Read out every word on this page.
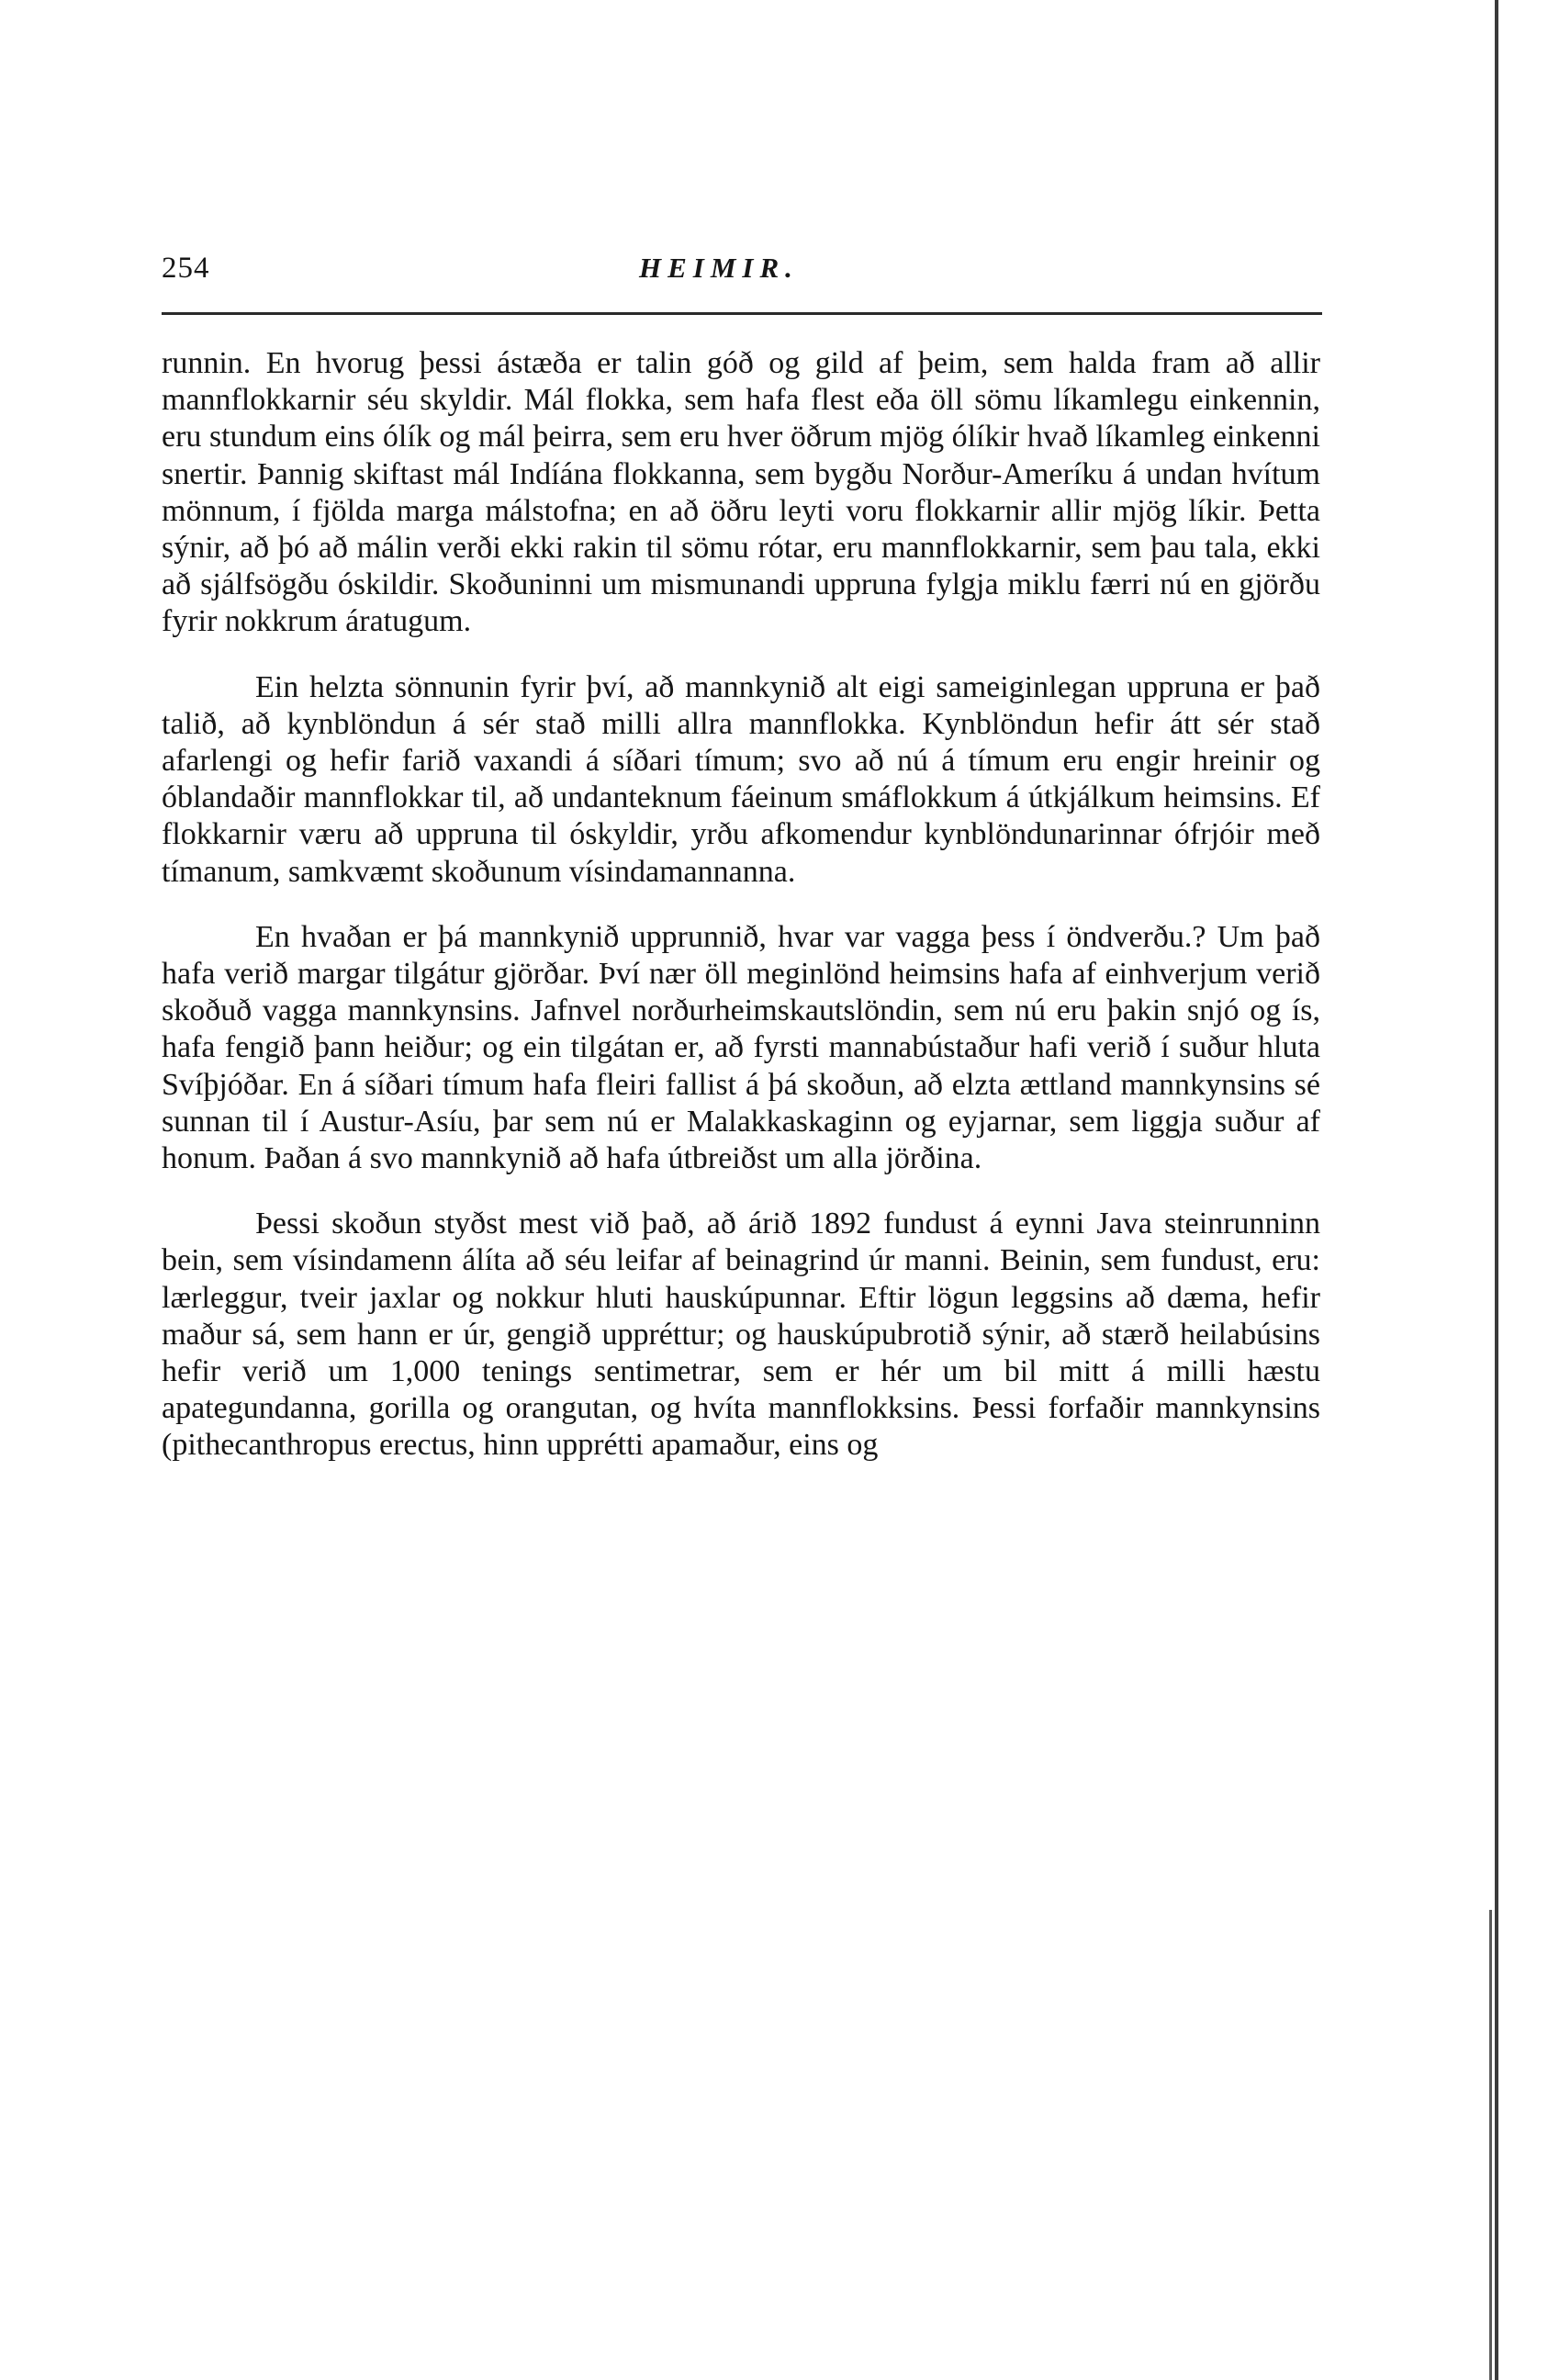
254	HEIMIR.

runnin. En hvorug þessi ástæða er talin góð og gild af þeim, sem halda fram að allir mannflokkarnir séu skyldir. Mál flokka, sem hafa flest eða öll sömu líkamlegu einkennin, eru stundum eins ólík og mál þeirra, sem eru hver öðrum mjög ólíkir hvað líkamleg einkenni snertir. Þannig skiftast mál Indíána flokkanna, sem bygðu Norður-Ameríku á undan hvítum mönnum, í fjölda marga málstofna; en að öðru leyti voru flokkarnir allir mjög líkir. Þetta sýnir, að þó að málin verði ekki rakin til sömu rótar, eru mannflokkarnir, sem þau tala, ekki að sjálfsögðu óskildir. Skoðuninni um mismunandi uppruna fylgja miklu færri nú en gjörðu fyrir nokkrum áratugum.

Ein helzta sönnunin fyrir því, að mannkynið alt eigi sameiginlegan uppruna er það talið, að kynblöndun á sér stað milli allra mannflokka. Kynblöndun hefir átt sér stað afarlengi og hefir farið vaxandi á síðari tímum; svo að nú á tímum eru engir hreinir og óblandaðir mannflokkar til, að undanteknum fáeinum smáflokkum á útkjálkum heimsins. Ef flokkarnir væru að uppruna til óskyldir, yrðu afkomendur kynblöndunarinnar ófrjóir með tímanum, samkvæmt skoðunum vísindamannanna.

En hvaðan er þá mannkynið upprunnið, hvar var vagga þess í öndverðu.? Um það hafa verið margar tilgátur gjörðar. Því nær öll meginlönd heimsins hafa af einhverjum verið skoðuð vagga mannkynsins. Jafnvel norðurheimskautslöndin, sem nú eru þakin snjó og ís, hafa fengið þann heiður; og ein tilgátan er, að fyrsti mannabústaður hafi verið í suður hluta Svíþjóðar. En á síðari tímum hafa fleiri fallist á þá skoðun, að elzta ættland mannkynsins sé sunnan til í Austur-Asíu, þar sem nú er Malakkaskaginn og eyjarnar, sem liggja suður af honum. Þaðan á svo mannkynið að hafa útbreiðst um alla jörðina.

Þessi skoðun styðst mest við það, að árið 1892 fundust á eynni Java steinrunninn bein, sem vísindamenn álíta að séu leifar af beinagrind úr manni. Beinin, sem fundust, eru: lærleggur, tveir jaxlar og nokkur hluti hauskúpunnar. Eftir lögun leggsins að dæma, hefir maður sá, sem hann er úr, gengið uppréttur; og hauskúpubrotið sýnir, að stærð heilabúsins hefir verið um 1,000 tenings sentimetrar, sem er hér um bil mitt á milli hæstu apategundanna, gorilla og orangutan, og hvíta mannflokksins. Þessi forfaðir mannkynsins (pithecanthropus erectus, hinn upprétti apamaður, eins og
